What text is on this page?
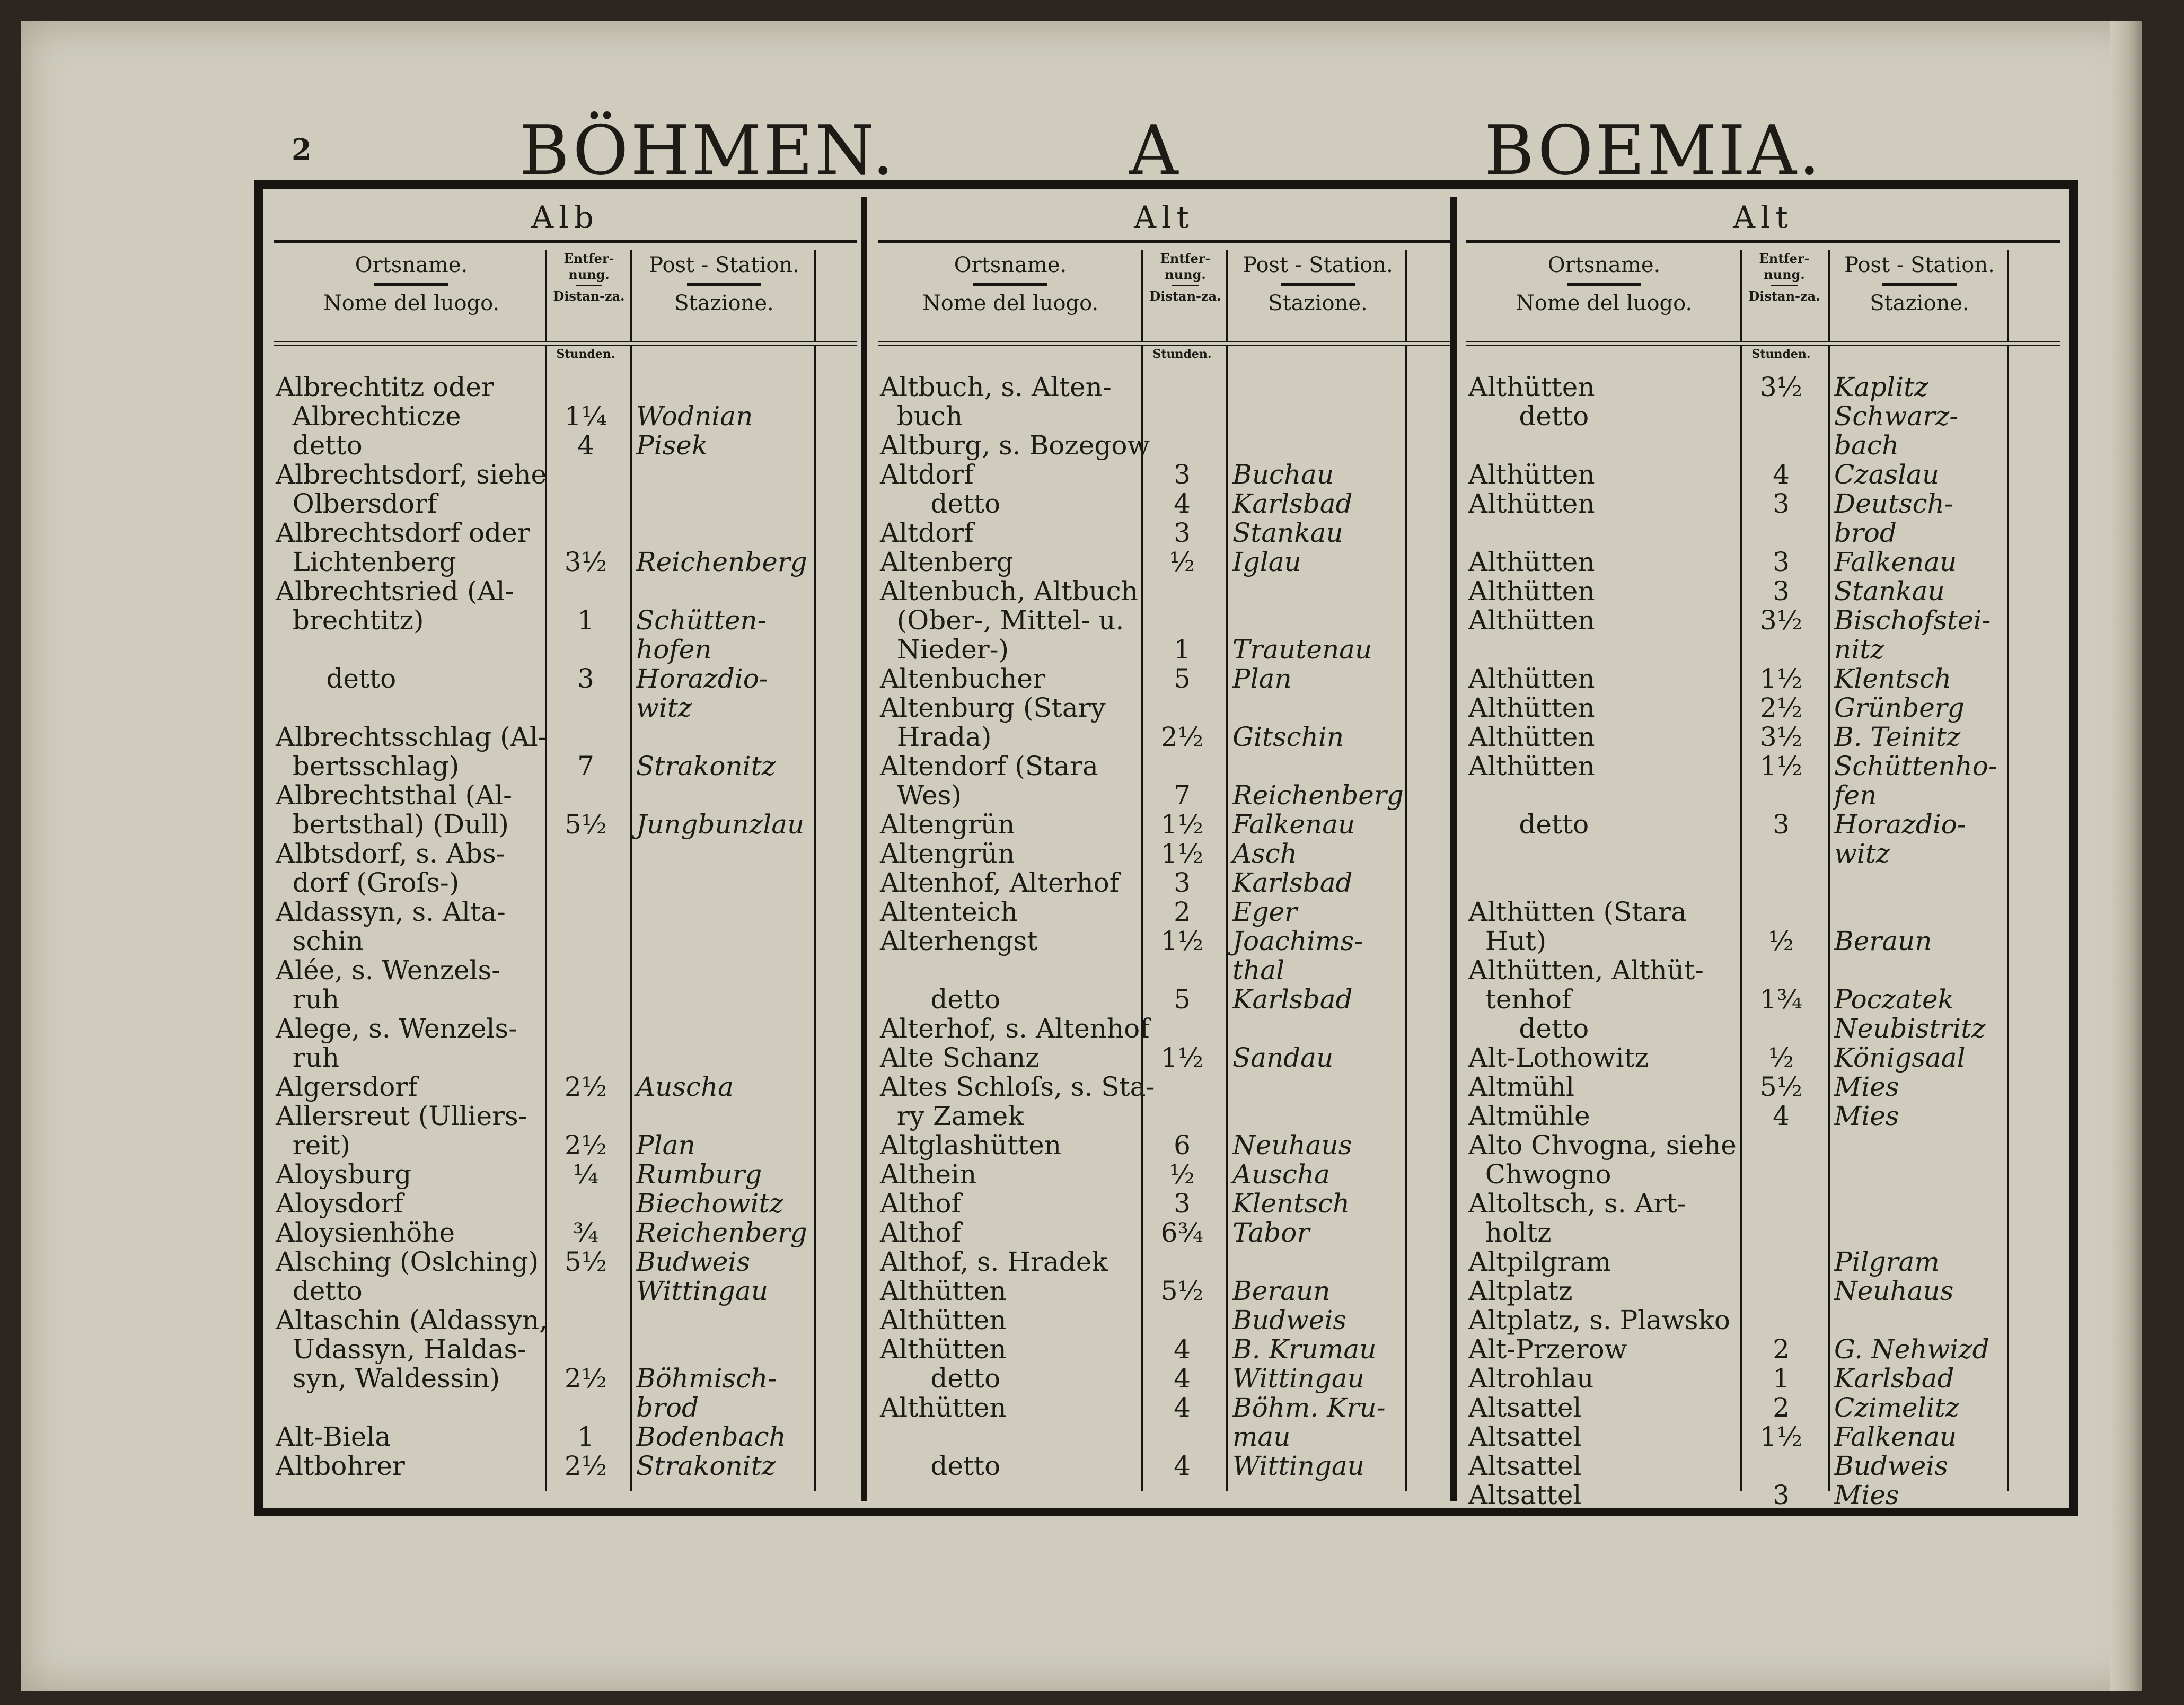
2	BÖHMEN.	A	BOEMIA.
Alb
Ortsname.
Nome del luogo.
Entfer-nung.
Distan-za.
Post - Station.
Stazione.
Stunden.
Albrechtitz oder
Albrechticze	1¼	Wodnian
detto	4	Pisek
Albrechtsdorf, siehe
Olbersdorf
Albrechtsdorf oder
Lichtenberg	3½	Reichenberg
Albrechtsried (Al-
brechtitz)	1	Schütten-
hofen
detto	3	Horazdio-
witz
Albrechtsschlag (Al-
bertsschlag)	7	Strakonitz
Albrechtsthal (Al-
bertsthal) (Dull)	5½	Jungbunzlau
Albtsdorf, s. Abs-
dorf (Groſs-)
Aldassyn, s. Alta-
schin
Alée, s. Wenzels-
ruh
Alege, s. Wenzels-
ruh
Algersdorf	2½	Auscha
Allersreut (Ulliers-
reit)	2½	Plan
Aloysburg	¼	Rumburg
Aloysdorf	Biechowitz
Aloysienhöhe	¾	Reichenberg
Alsching (Oslching) 5½	Budweis
detto	Wittingau
Altaschin (Aldassyn,
Udassyn, Haldas-
syn, Waldessin)	2½	Böhmisch-
brod
Alt-Biela	1	Bodenbach
Altbohrer	2½	Strakonitz
Alt
Ortsname.
Nome del luogo.
Entfer-nung.
Distan-za.
Post - Station.
Stazione.
Stunden.
Altbuch, s. Alten-
buch
Altburg, s. Bozegow
Altdorf	3	Buchau
detto	4	Karlsbad
Altdorf	3	Stankau
Altenberg	½	Iglau
Altenbuch, Altbuch
(Ober-, Mittel- u.
Nieder-)	1	Trautenau
Altenbucher	5	Plan
Altenburg (Stary
Hrada)	2½	Gitschin
Altendorf (Stara
Wes)	7	Reichenberg
Altengrün	1½	Falkenau
Altengrün	1½	Asch
Altenhof, Alterhof	3	Karlsbad
Altenteich	2	Eger
Alterhengst	1½	Joachims-
thal
detto	5	Karlsbad
Alterhof, s. Altenhof
Alte Schanz	1½	Sandau
Altes Schloſs, s. Sta-
ry Zamek
Altglashütten	6	Neuhaus
Althein	½	Auscha
Althof	3	Klentsch
Althof	6¾	Tabor
Althof, s. Hradek
Althütten	5½	Beraun
Althütten	Budweis
Althütten	4	B. Krumau
detto	4	Wittingau
Althütten	4	Böhm. Kru-
mau
detto	4	Wittingau
Alt
Ortsname.
Nome del luogo.
Entfer-nung.
Distan-za.
Post - Station.
Stazione.
Stunden.
Althütten	3½	Kaplitz
detto	Schwarz-
bach
Althütten	4	Czaslau
Althütten	3	Deutsch-
brod
Althütten	3	Falkenau
Althütten	3	Stankau
Althütten	3½	Bischofstei-
nitz
Althütten	1½	Klentsch
Althütten	2½	Grünberg
Althütten	3½	B. Teinitz
Althütten	1½	Schüttenho-
fen
detto	3	Horazdio-
witz
Althütten (Stara
Hut)	½	Beraun
Althütten, Althüt-
tenhof	1¾	Poczatek
detto	Neubistritz
Alt-Lothowitz	½	Königsaal
Altmühl	5½	Mies
Altmühle	4	Mies
Alto Chvogna, siehe
Chwogno
Altoltsch, s. Art-
holtz
Altpilgram	Pilgram
Altplatz	Neuhaus
Altplatz, s. Plawsko
Alt-Przerow	2	G. Nehwizd
Altrohlau	1	Karlsbad
Altsattel	2	Czimelitz
Altsattel	1½	Falkenau
Altsattel	Budweis
Altsattel	3	Mies
